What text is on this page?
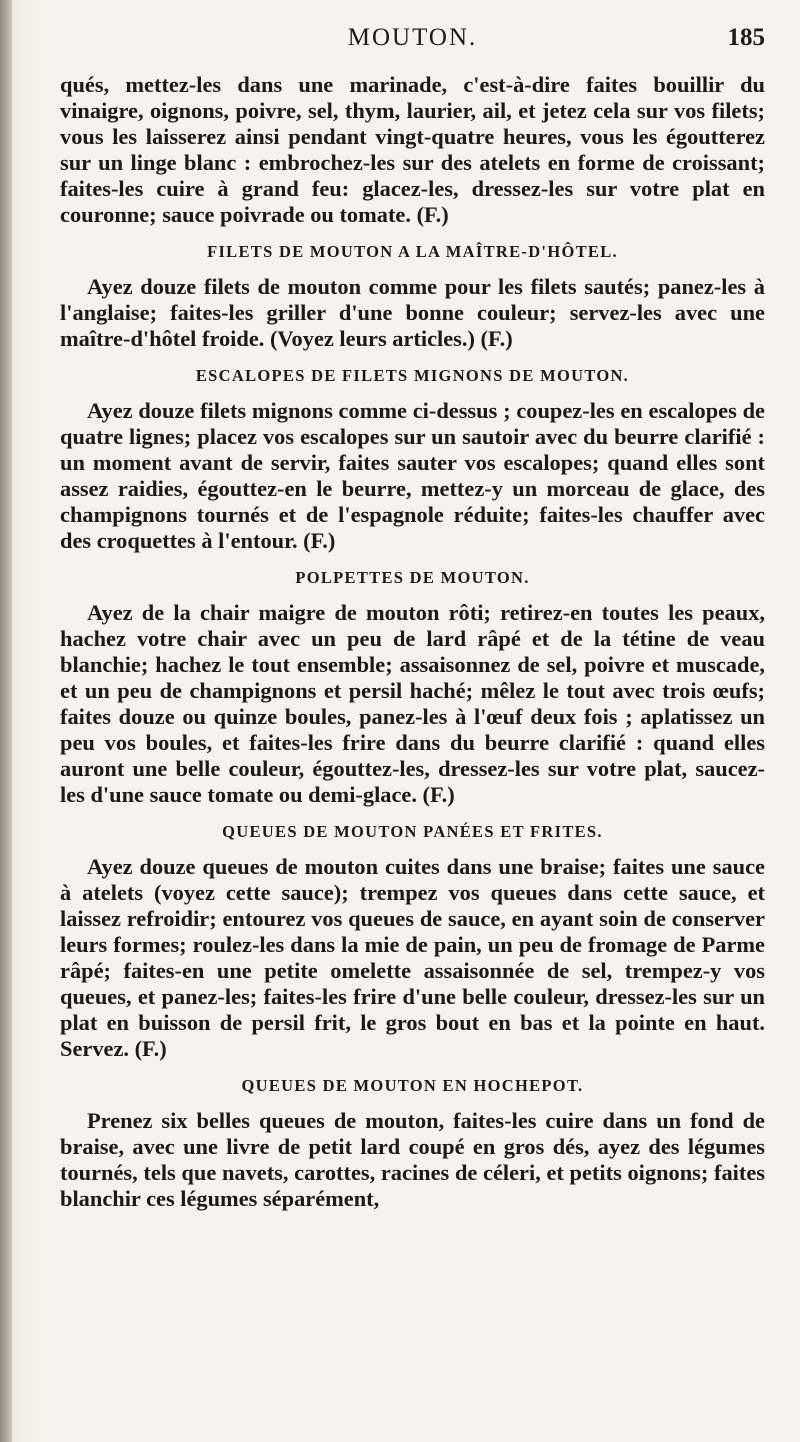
MOUTON.	185

qués, mettez-les dans une marinade, c'est-à-dire faites bouillir du vinaigre, oignons, poivre, sel, thym, laurier, ail, et jetez cela sur vos filets; vous les laisserez ainsi pendant vingt-quatre heures, vous les égoutterez sur un linge blanc : embrochez-les sur des atelets en forme de croissant; faites-les cuire à grand feu: glacez-les, dressez-les sur votre plat en couronne; sauce poivrade ou tomate. (F.)

FILETS DE MOUTON A LA MAÎTRE-D'HÔTEL.

Ayez douze filets de mouton comme pour les filets sautés; panez-les à l'anglaise; faites-les griller d'une bonne couleur; servez-les avec une maître-d'hôtel froide. (Voyez leurs articles.) (F.)

ESCALOPES DE FILETS MIGNONS DE MOUTON.

Ayez douze filets mignons comme ci-dessus ; coupez-les en escalopes de quatre lignes; placez vos escalopes sur un sautoir avec du beurre clarifié : un moment avant de servir, faites sauter vos escalopes; quand elles sont assez raidies, égouttez-en le beurre, mettez-y un morceau de glace, des champignons tournés et de l'espagnole réduite; faites-les chauffer avec des croquettes à l'entour. (F.)

POLPETTES DE MOUTON.

Ayez de la chair maigre de mouton rôti; retirez-en toutes les peaux, hachez votre chair avec un peu de lard râpé et de la tétine de veau blanchie; hachez le tout ensemble; assaisonnez de sel, poivre et muscade, et un peu de champignons et persil haché; mêlez le tout avec trois œufs; faites douze ou quinze boules, panez-les à l'œuf deux fois ; aplatissez un peu vos boules, et faites-les frire dans du beurre clarifié : quand elles auront une belle couleur, égouttez-les, dressez-les sur votre plat, saucez-les d'une sauce tomate ou demi-glace. (F.)

QUEUES DE MOUTON PANÉES ET FRITES.

Ayez douze queues de mouton cuites dans une braise; faites une sauce à atelets (voyez cette sauce); trempez vos queues dans cette sauce, et laissez refroidir; entourez vos queues de sauce, en ayant soin de conserver leurs formes; roulez-les dans la mie de pain, un peu de fromage de Parme râpé; faites-en une petite omelette assaisonnée de sel, trempez-y vos queues, et panez-les; faites-les frire d'une belle couleur, dressez-les sur un plat en buisson de persil frit, le gros bout en bas et la pointe en haut. Servez. (F.)

QUEUES DE MOUTON EN HOCHEPOT.

Prenez six belles queues de mouton, faites-les cuire dans un fond de braise, avec une livre de petit lard coupé en gros dés, ayez des légumes tournés, tels que navets, carottes, racines de céleri, et petits oignons; faites blanchir ces légumes séparément,
